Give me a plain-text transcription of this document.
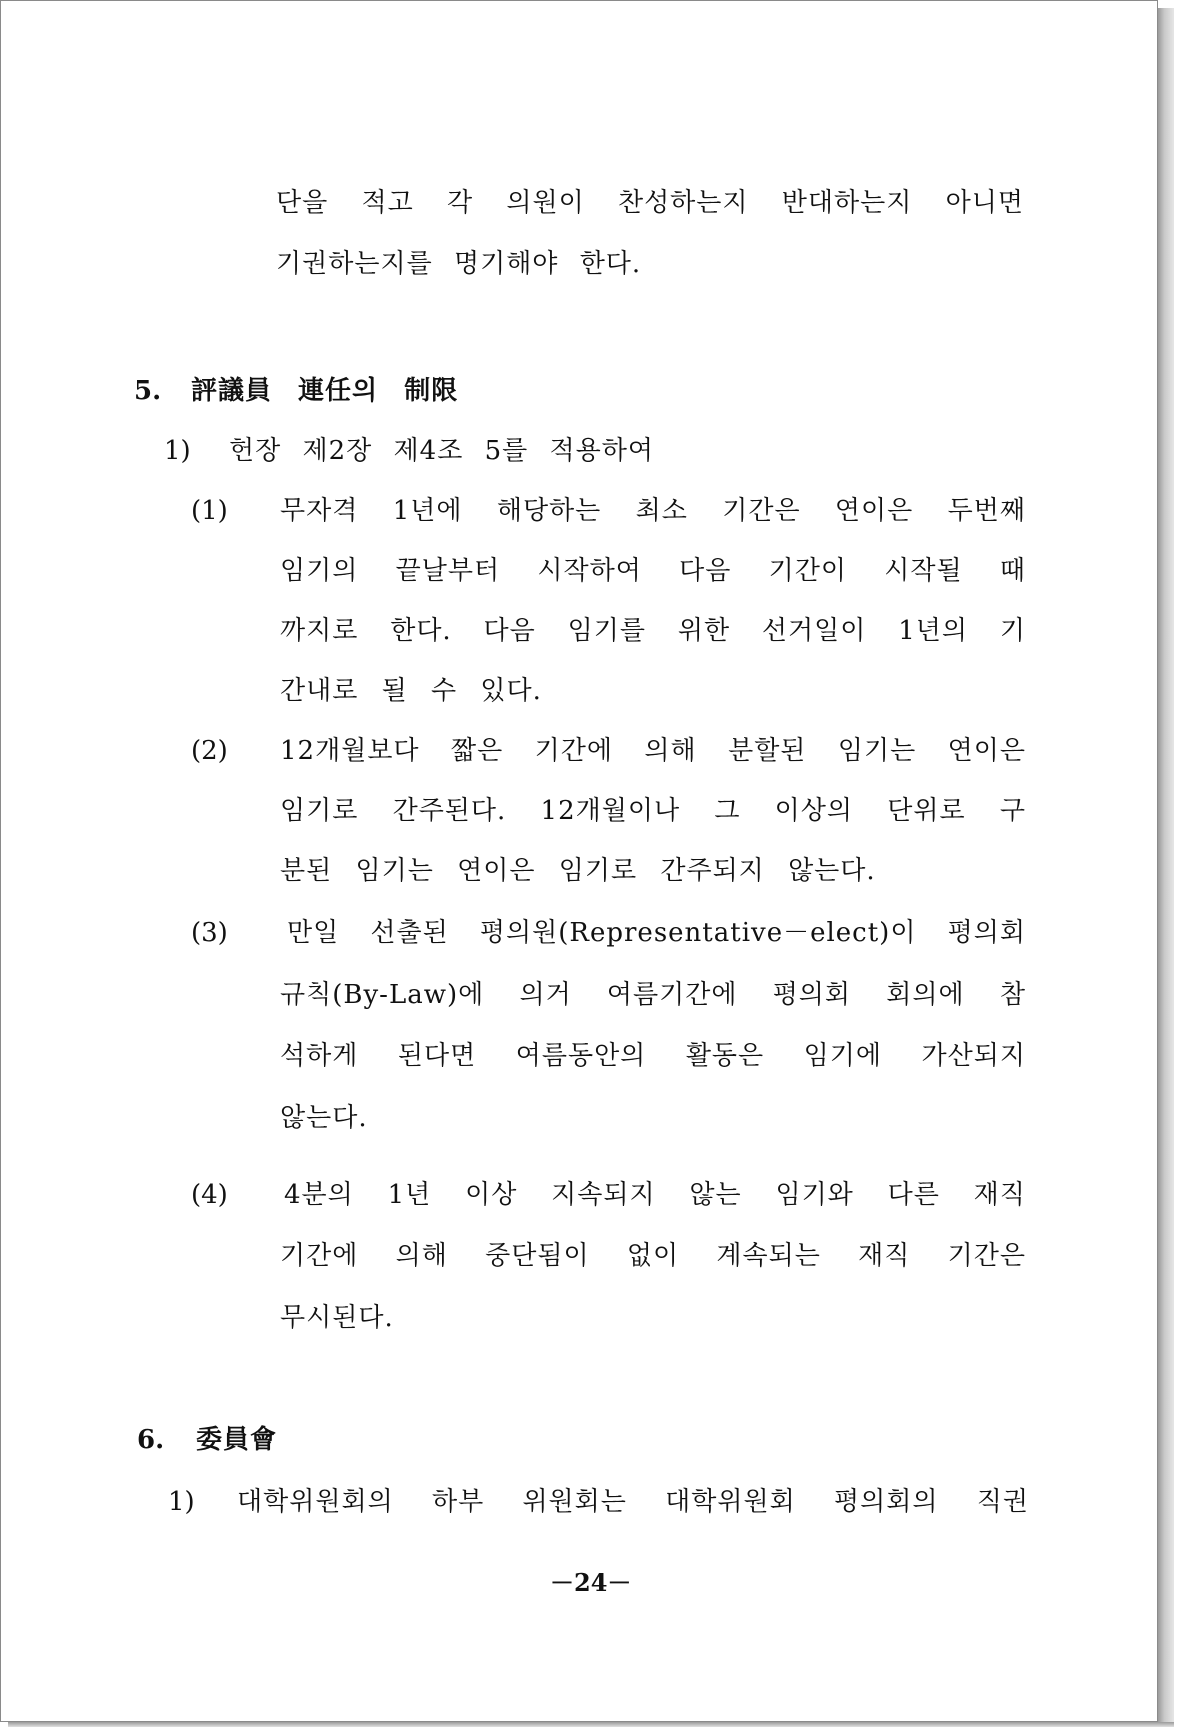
단을 적고 각 의원이 찬성하는지 반대하는지 아니면
기권하는지를 명기해야 한다.
5. 評議員 連任의 制限
1) 헌장 제2장 제4조 5를 적용하여
(1) 무자격 1년에 해당하는 최소 기간은 연이은 두번째
임기의 끝날부터 시작하여 다음 기간이 시작될 때
까지로 한다. 다음 임기를 위한 선거일이 1년의 기
간내로 될 수 있다.
(2) 12개월보다 짧은 기간에 의해 분할된 임기는 연이은
임기로 간주된다. 12개월이나 그 이상의 단위로 구
분된 임기는 연이은 임기로 간주되지 않는다.
(3) 만일 선출된 평의원(Representative－elect)이 평의회
규칙(By-Law)에 의거 여름기간에 평의회 회의에 참
석하게 된다면 여름동안의 활동은 임기에 가산되지
않는다.
(4) 4분의 1년 이상 지속되지 않는 임기와 다른 재직
기간에 의해 중단됨이 없이 계속되는 재직 기간은
무시된다.
6. 委員會
1) 대학위원회의 하부 위원회는 대학위원회 평의회의 직권
－24－
